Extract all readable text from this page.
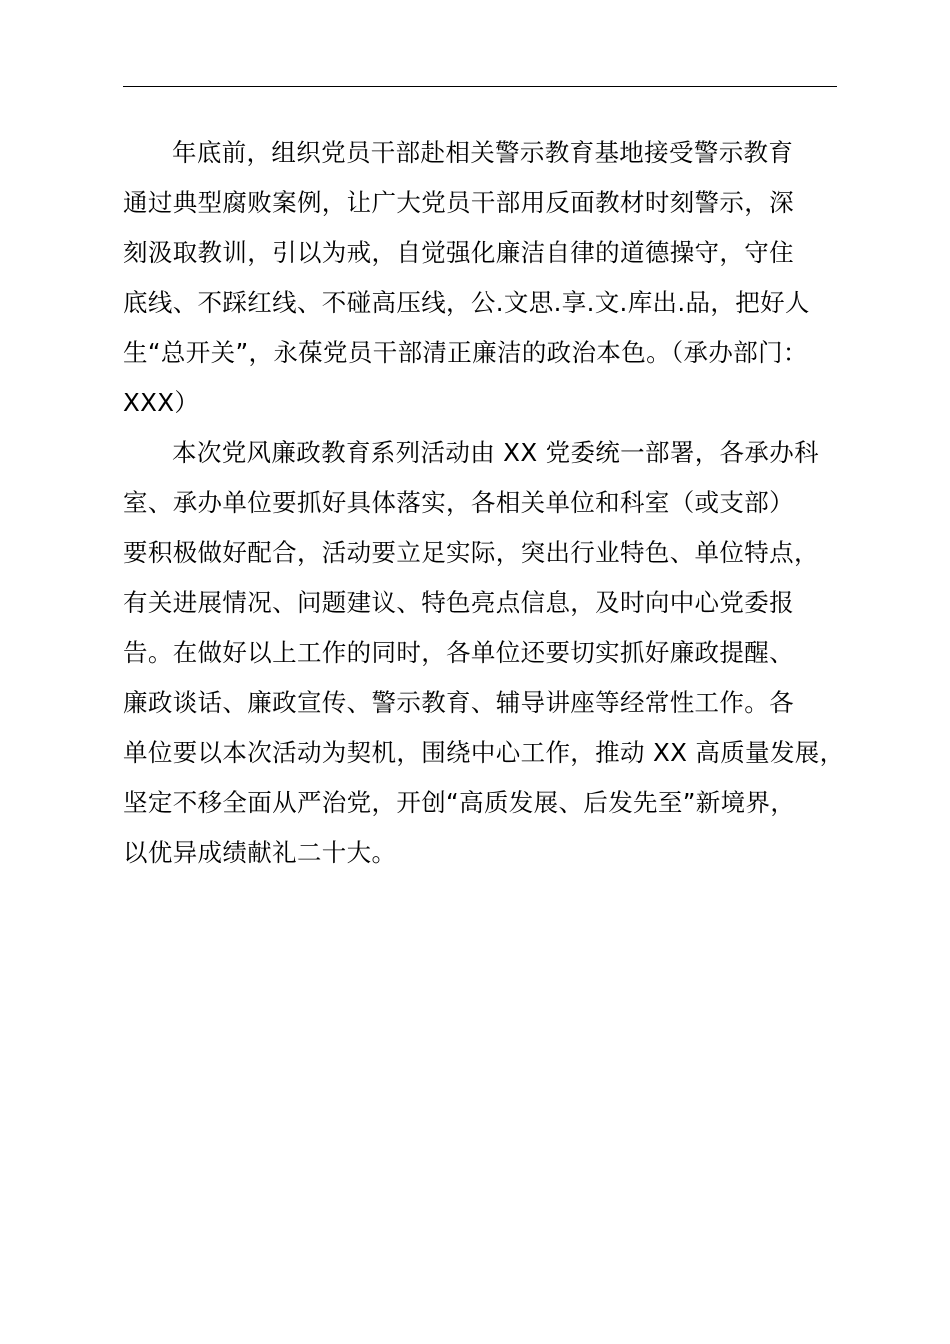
年底前，组织党员干部赴相关警示教育基地接受警示教育
通过典型腐败案例，让广大党员干部用反面教材时刻警示，深
刻汲取教训，引以为戒，自觉强化廉洁自律的道德操守，守住
底线、不踩红线、不碰高压线，公.文思.享.文.库出.品，把好人
生“总开关”，永葆党员干部清正廉洁的政治本色。（承办部门：
XXX）
本次党风廉政教育系列活动由 XX 党委统一部署，各承办科
室、承办单位要抓好具体落实，各相关单位和科室（或支部）
要积极做好配合，活动要立足实际，突出行业特色、单位特点，
有关进展情况、问题建议、特色亮点信息，及时向中心党委报
告。在做好以上工作的同时，各单位还要切实抓好廉政提醒、
廉政谈话、廉政宣传、警示教育、辅导讲座等经常性工作。各
单位要以本次活动为契机，围绕中心工作，推动 XX 高质量发展，
坚定不移全面从严治党，开创“高质发展、后发先至”新境界，
以优异成绩献礼二十大。
